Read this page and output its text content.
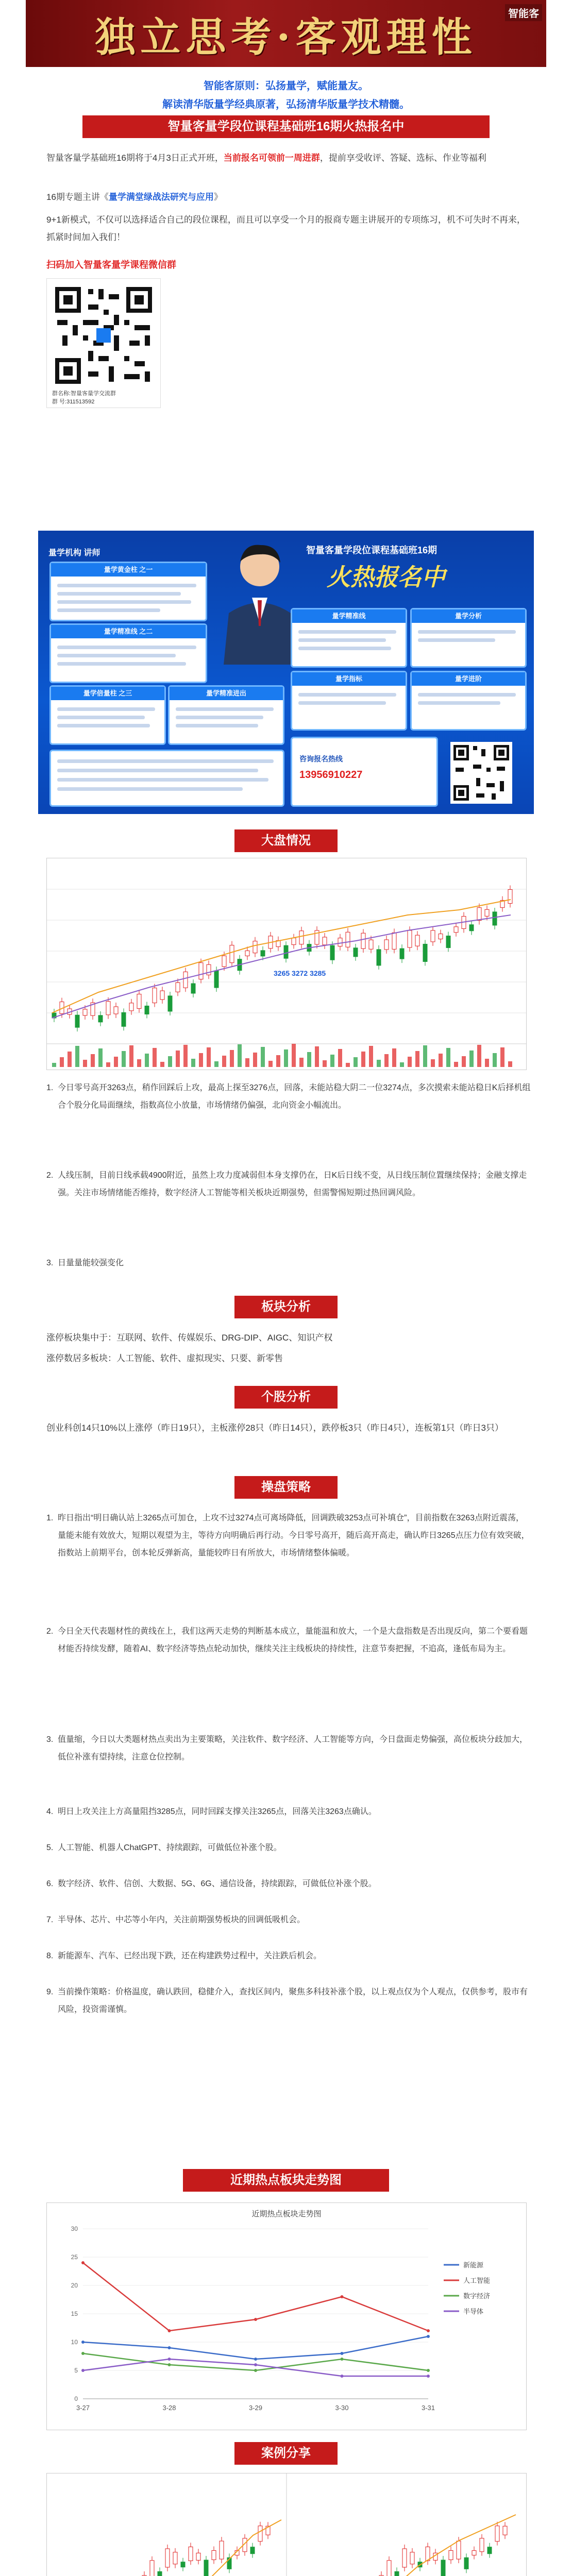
独立思考·客观理性	智能客
智能客原则：弘扬量学，赋能量友。
解读清华版量学经典原著，弘扬清华版量学技术精髓。
智量客量学段位课程基础班16期火热报名中
智量客量学基础班16期将于4月3日正式开班，当前报名可领前一周进群，提前享受收评、答疑、选标、作业等福利
16期专题主讲《量学满堂绿战法研究与应用》
9+1新模式，不仅可以选择适合自己的段位课程，而且可以享受一个月的报商专题主讲展开的专项练习，机不可失时不再来，抓紧时间加入我们！
扫码加入智量客量学课程微信群
群名称:智量客量学交流群
群 号:311513592
量学机构 讲师	智量客量学段位课程基础班16期
火热报名中
量学黄金柱 之一
量学精准线 之二
量学倍量柱 之三	量学精准进出
量学精准线	量学分析
量学指标	量学进阶
咨询报名热线
13956910227
大盘情况
3265 3272 3285
1. 今日零号高开3263点，稍作回踩后上攻，最高上探至3276点，回落，未能站稳大阴二一位3274点，多次摸索未能站稳日K后择机组合个股分化局面继续，指数高位小放量，市场情绪仍偏强，北向资金小幅流出。
2. 人线压制，目前日线承载4900附近，虽然上攻力度减弱但本身支撑仍在，日K后日线不变，从日线压制位置继续保持；金融支撑走强。关注市场情绪能否维持，数字经济人工智能等相关板块近期强势，但需警惕短期过热回调风险。
3. 日量量能较强变化
板块分析
涨停板块集中于：互联网、软件、传媒娱乐、DRG-DIP、AIGC、知识产权
涨停数居多板块：人工智能、软件、虚拟现实、只要、新零售
个股分析
创业科创14只10%以上涨停（昨日19只），主板涨停28只（昨日14只），跌停板3只（昨日4只），连板第1只（昨日3只）
操盘策略
1. 昨日指出“明日确认站上3265点可加仓，上攻不过3274点可离场降低，回调跌破3253点可补填仓”，目前指数在3263点附近震荡，量能未能有效放大，短期以观望为主，等待方向明确后再行动。今日零号高开，随后高开高走，确认昨日3265点压力位有效突破，指数站上前期平台，创本轮反弹新高，量能较昨日有所放大，市场情绪整体偏暖。
2. 今日全天代表题材性的黄线在上，我们这两天走势的判断基本成立，量能温和放大，一个是大盘指数是否出现反向，第二个要看题材能否持续发酵，随着AI、数字经济等热点轮动加快，继续关注主线板块的持续性，注意节奏把握，不追高，逢低布局为主。
3. 值量缩，今日以大类题材热点卖出为主要策略，关注软件、数字经济、人工智能等方向，今日盘面走势偏强，高位板块分歧加大，低位补涨有望持续，注意仓位控制。
4. 明日上攻关注上方高量阻挡3285点，同时回踩支撑关注3265点，回落关注3263点确认。
5. 人工智能、机器人ChatGPT、持续跟踪，可做低位补涨个股。
6. 数字经济、软件、信创、大数据、5G、6G、通信设备，持续跟踪，可做低位补涨个股。
7. 半导体、芯片、中芯等小年内，关注前期强势板块的回调低吸机会。
8. 新能源车、汽车、已经出现下跌，还在构建跌势过程中，关注跌后机会。
9. 当前操作策略：价格温度，确认跌回，稳健介入，查找区间内，聚焦多科技补涨个股，以上观点仅为个人观点，仅供参考，股市有风险，投资需谨慎。
近期热点板块走势图
近期热点板块走势图
0
5
10
15
20
25
30
3-27	3-28	3-29	3-30	3-31
新能源
人工智能
数字经济
半导体
案例分享
